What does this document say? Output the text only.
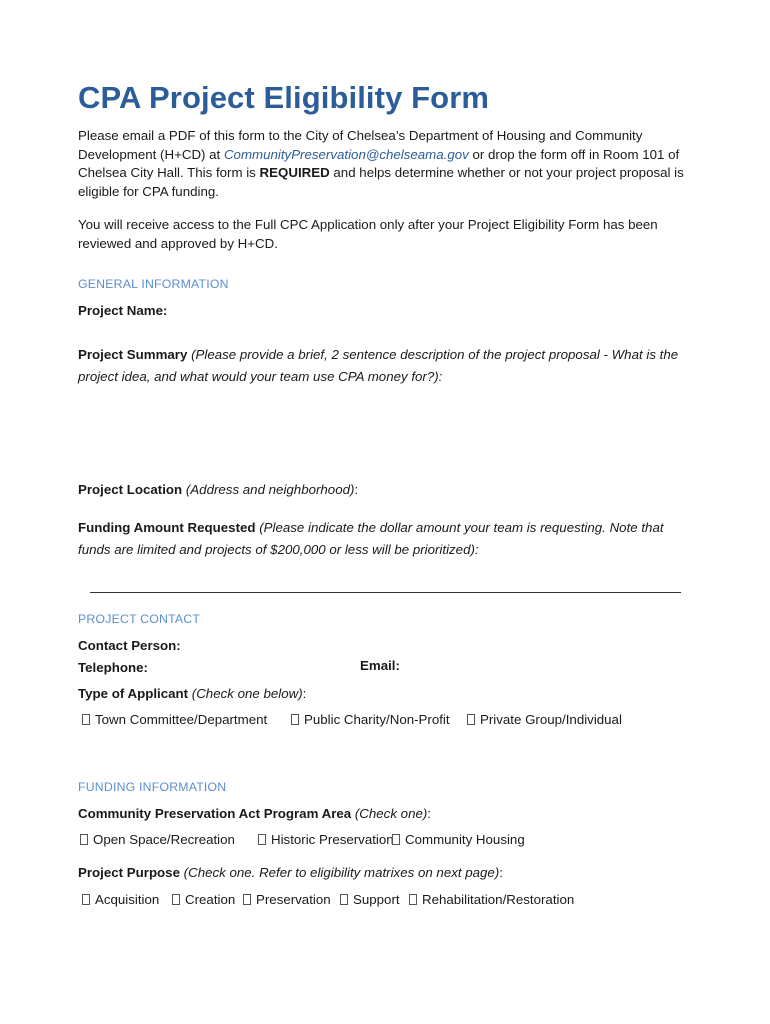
CPA Project Eligibility Form

Please email a PDF of this form to the City of Chelsea’s Department of Housing and Community Development (H+CD) at CommunityPreservation@chelseama.gov or drop the form off in Room 101 of Chelsea City Hall. This form is REQUIRED and helps determine whether or not your project proposal is eligible for CPA funding.

You will receive access to the Full CPC Application only after your Project Eligibility Form has been reviewed and approved by H+CD.

GENERAL INFORMATION

Project Name:

Project Summary (Please provide a brief, 2 sentence description of the project proposal - What is the project idea, and what would your team use CPA money for?):

Project Location (Address and neighborhood):

Funding Amount Requested (Please indicate the dollar amount your team is requesting. Note that funds are limited and projects of $200,000 or less will be prioritized):

PROJECT CONTACT

Contact Person:

Telephone:	Email:

Type of Applicant (Check one below):

Town Committee/Department	Public Charity/Non-Profit Private Group/Individual

FUNDING INFORMATION

Community Preservation Act Program Area (Check one):

Open Space/Recreation	Historic Preservation Community Housing

Project Purpose (Check one. Refer to eligibility matrixes on next page):

Acquisition Creation Preservation Support Rehabilitation/Restoration
